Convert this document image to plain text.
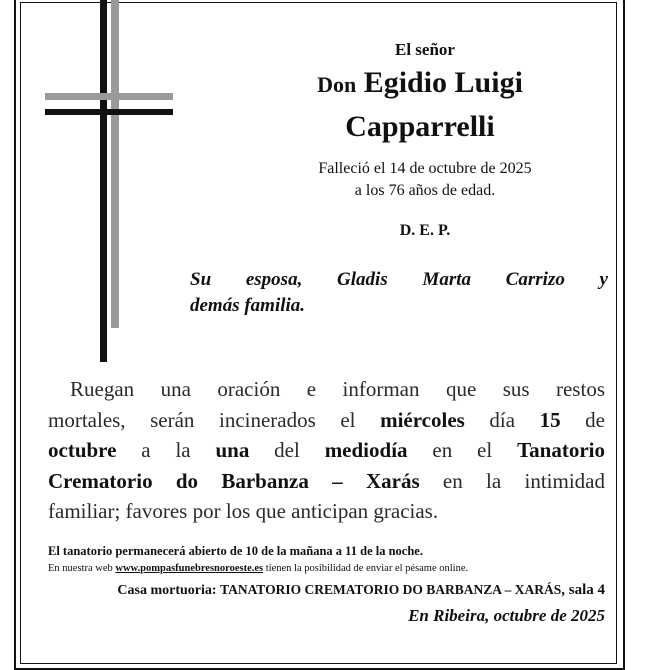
El señor

Don Egidio Luigi

Capparrelli

Falleció el 14 de octubre de 2025

a los 76 años de edad.

D. E. P.

Su esposa, Gladis Marta Carrizo y
demás familia.
Ruegan una oración e informan que sus restos
mortales, serán incinerados el miércoles día 15 de
octubre a la una del mediodía en el Tanatorio
Crematorio do Barbanza – Xarás en la intimidad
familiar; favores por los que anticipan gracias.

El tanatorio permanecerá abierto de 10 de la mañana a 11 de la noche.

En nuestra web www.pompasfunebresnoroeste.es tienen la posibilidad de enviar el pésame online.

Casa mortuoria: TANATORIO CREMATORIO DO BARBANZA – XARÁS, sala 4

En Ribeira, octubre de 2025
